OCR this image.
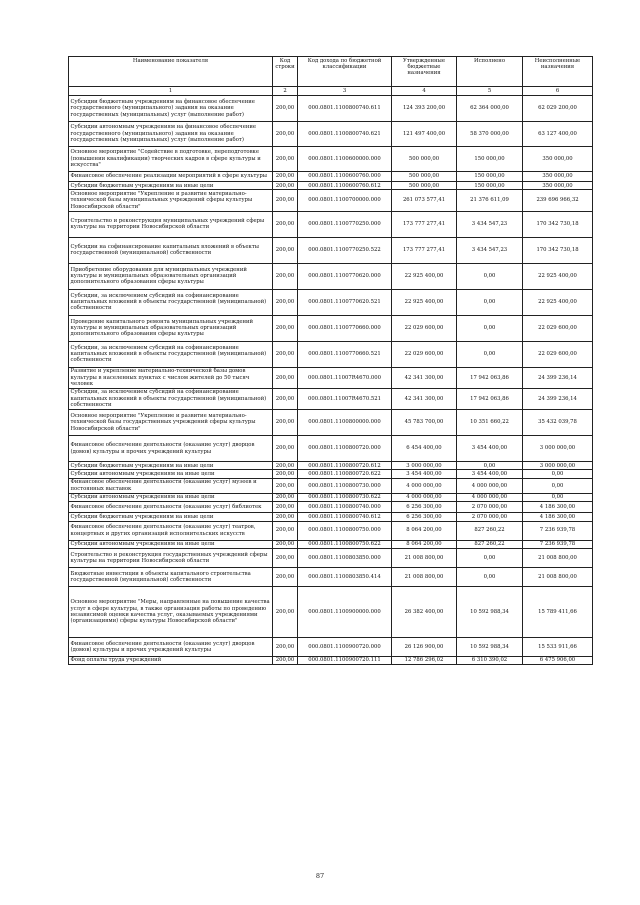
Наименование показателя	Код строки	Код дохода по бюджетной классификации	Утвержденные бюджетные назначения	Исполнено	Неисполненные назначения
1	2	3	4	5	6
Субсидии бюджетным учреждениям на финансовое обеспечение государственного (муниципального) задания на оказание государственных (муниципальных) услуг (выполнение работ)	200,00	000.0801.1100800740.611	124 393 200,00	62 364 000,00	62 029 200,00
Субсидии автономным учреждениям на финансовое обеспечение государственного (муниципального) задания на оказание государственных (муниципальных) услуг (выполнение работ)	200,00	000.0801.1100800740.621	121 497 400,00	58 370 000,00	63 127 400,00
Основное мероприятие "Содействие в подготовке, переподготовке (повышении квалификации) творческих кадров в сфере культуры и искусства"	200,00	000.0801.1100600000.000	500 000,00	150 000,00	350 000,00
Финансовое обеспечение реализации мероприятий в сфере культуры	200,00	000.0801.1100600760.000	500 000,00	150 000,00	350 000,00
Субсидии бюджетным учреждениям на иные цели	200,00	000.0801.1100600760.612	500 000,00	150 000,00	350 000,00
Основное мероприятие "Укрепление и развитие материально-технической базы муниципальных учреждений сферы культуры Новосибирской области"	200,00	000.0801.1100700000.000	261 073 577,41	21 376 611,09	239 696 966,32
Строительство и реконструкция муниципальных учреждений сферы культуры на территории Новосибирской области	200,00	000.0801.1100770250.000	173 777 277,41	3 434 547,23	170 342 730,18
Субсидии на софинансирование капитальных вложений в объекты государственной (муниципальной) собственности	200,00	000.0801.1100770250.522	173 777 277,41	3 434 547,23	170 342 730,18
Приобретение оборудования для муниципальных учреждений культуры и муниципальных образовательных организаций дополнительного образования сферы культуры	200,00	000.0801.1100770620.000	22 925 400,00	0,00	22 925 400,00
Субсидии, за исключением субсидий на софинансирование капитальных вложений в объекты государственной (муниципальной) собственности	200,00	000.0801.1100770620.521	22 925 400,00	0,00	22 925 400,00
Проведение капитального ремонта муниципальных учреждений культуры и муниципальных образовательных организаций дополнительного образования сферы культуры	200,00	000.0801.1100770660.000	22 029 600,00	0,00	22 029 600,00
Субсидии, за исключением субсидий на софинансирование капитальных вложений в объекты государственной (муниципальной) собственности	200,00	000.0801.1100770660.521	22 029 600,00	0,00	22 029 600,00
Развитие и укрепление материально-технической базы домов культуры в населенных пунктах с числом жителей до 50 тысяч человек	200,00	000.0801.11007R4670.000	42 341 300,00	17 942 063,86	24 399 236,14
Субсидии, за исключением субсидий на софинансирование капитальных вложений в объекты государственной (муниципальной) собственности	200,00	000.0801.11007R4670.521	42 341 300,00	17 942 063,86	24 399 236,14
Основное мероприятие "Укрепление и развитие материально-технической базы государственных учреждений сферы культуры Новосибирской области"	200,00	000.0801.1100800000.000	45 783 700,00	10 351 660,22	35 432 039,78
Финансовое обеспечение деятельности (оказание услуг) дворцов (домов) культуры и прочих учреждений культуры	200,00	000.0801.1100800720.000	6 454 400,00	3 454 400,00	3 000 000,00
Субсидии бюджетным учреждениям на иные цели	200,00	000.0801.1100800720.612	3 000 000,00	0,00	3 000 000,00
Субсидии автономным учреждениям на иные цели	200,00	000.0801.1100800720.622	3 454 400,00	3 454 400,00	0,00
Финансовое обеспечение деятельности (оказание услуг) музеев и постоянных выставок	200,00	000.0801.1100800730.000	4 000 000,00	4 000 000,00	0,00
Субсидии автономным учреждениям на иные цели	200,00	000.0801.1100800730.622	4 000 000,00	4 000 000,00	0,00
Финансовое обеспечение деятельности (оказание услуг) библиотек	200,00	000.0801.1100800740.000	6 256 300,00	2 070 000,00	4 186 300,00
Субсидии бюджетным учреждениям на иные цели	200,00	000.0801.1100800740.612	6 256 300,00	2 070 000,00	4 186 300,00
Финансовое обеспечение деятельности (оказание услуг) театров, концертных и других организаций исполнительских искусств	200,00	000.0801.1100800750.000	8 064 200,00	827 260,22	7 236 939,78
Субсидии автономным учреждениям на иные цели	200,00	000.0801.1100800750.622	8 064 200,00	827 260,22	7 236 939,78
Строительство и реконструкция государственных учреждений сферы культуры на территории Новосибирской области	200,00	000.0801.1100803850.000	21 008 800,00	0,00	21 008 800,00
Бюджетные инвестиции в объекты капитального строительства государственной (муниципальной) собственности	200,00	000.0801.1100803850.414	21 008 800,00	0,00	21 008 800,00
Основное мероприятие "Меры, направленные на повышение качества услуг в сфере культуры, в также организация работы по проведению независимой оценки качества услуг, оказываемых учреждениями (организациями) сферы культуры Новосибирской области"	200,00	000.0801.1100900000.000	26 382 400,00	10 592 988,34	15 789 411,66
Финансовое обеспечение деятельности (оказание услуг) дворцов (домов) культуры и прочих учреждений культуры	200,00	000.0801.1100900720.000	26 126 900,00	10 592 988,34	15 533 911,66
Фонд оплаты труда учреждений	200,00	000.0801.1100900720.111	12 786 296,02	6 310 390,02	6 475 906,00
87
